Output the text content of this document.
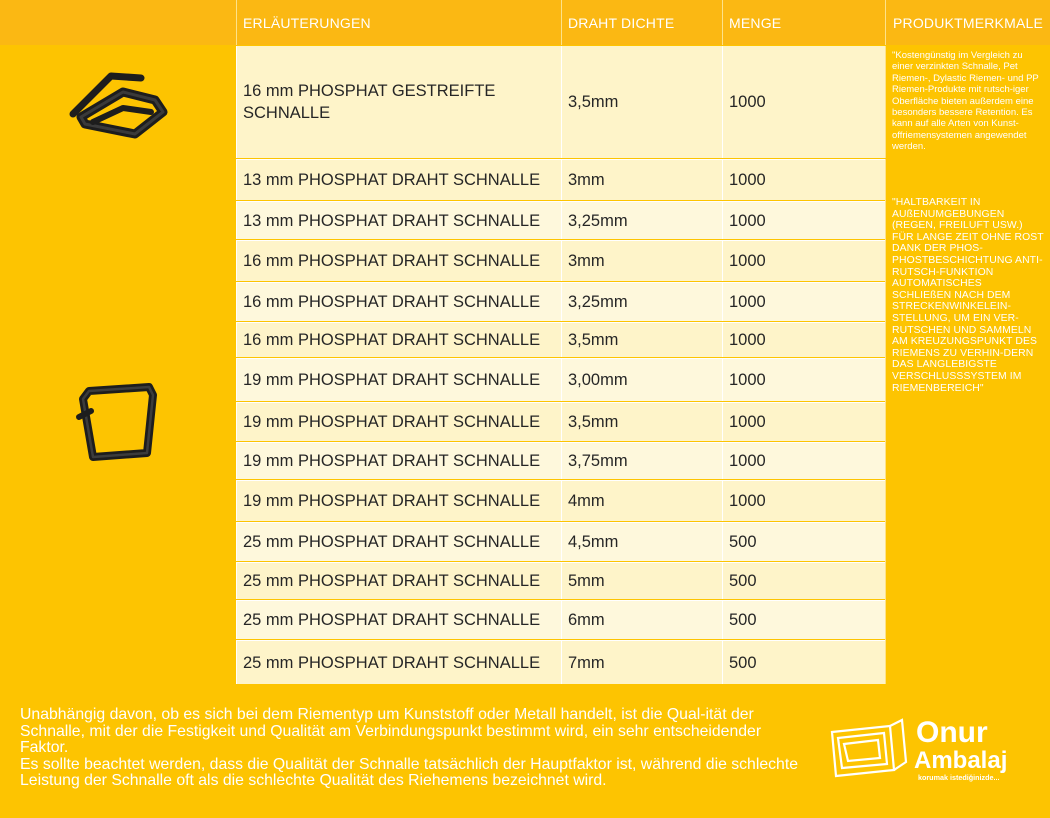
ERLÄUTERUNGEN	DRAHT DICHTE	MENGE	PRODUKTMERKMALE
16 mm PHOSPHAT GESTREIFTE
SCHNALLE
3,5mm	1000
"Kostengünstig im Vergleich zu einer verzinkten Schnalle, Pet Riemen-, Dylastic Riemen- und PP Riemen-Produkte mit rutsch-iger Oberfläche bieten außerdem eine besonders bessere Retention. Es kann auf alle Arten von Kunst-offriemensystemen angewendet werden.
"HALTBARKEIT IN AUßENUMGEBUNGEN (REGEN, FREILUFT USW.) FÜR LANGE ZEIT OHNE ROST DANK DER PHOS-PHOSTBESCHICHTUNG ANTI-RUTSCH-FUNKTION AUTOMATISCHES SCHLIEßEN NACH DEM STRECKENWINKELEIN-STELLUNG, UM EIN VER-RUTSCHEN UND SAMMELN AM KREUZUNGSPUNKT DES RIEMENS ZU VERHIN-DERN DAS LANGLEBIGSTE VERSCHLUSSSYSTEM IM RIEMENBEREICH"
13 mm PHOSPHAT DRAHT SCHNALLE 3mm	1000
13 mm PHOSPHAT DRAHT SCHNALLE 3,25mm	1000
16 mm PHOSPHAT DRAHT SCHNALLE 3mm	1000
16 mm PHOSPHAT DRAHT SCHNALLE 3,25mm	1000
16 mm PHOSPHAT DRAHT SCHNALLE 3,5mm	1000
19 mm PHOSPHAT DRAHT SCHNALLE 3,00mm	1000
19 mm PHOSPHAT DRAHT SCHNALLE 3,5mm	1000
19 mm PHOSPHAT DRAHT SCHNALLE 3,75mm	1000
19 mm PHOSPHAT DRAHT SCHNALLE 4mm	1000
25 mm PHOSPHAT DRAHT SCHNALLE 4,5mm	500
25 mm PHOSPHAT DRAHT SCHNALLE 5mm	500
25 mm PHOSPHAT DRAHT SCHNALLE 6mm	500
25 mm PHOSPHAT DRAHT SCHNALLE 7mm	500

Unabhängig davon, ob es sich bei dem Riementyp um Kunststoff oder Metall handelt, ist die Qual-ität der Schnalle, mit der die Festigkeit und Qualität am Verbindungspunkt bestimmt wird, ein sehr entscheidender Faktor.

Es sollte beachtet werden, dass die Qualität der Schnalle tatsächlich der Hauptfaktor ist, während die schlechte Leistung der Schnalle oft als die schlechte Qualität des Riehemens bezeichnet wird.

Onur
Ambalaj
korumak istediğinizde...
